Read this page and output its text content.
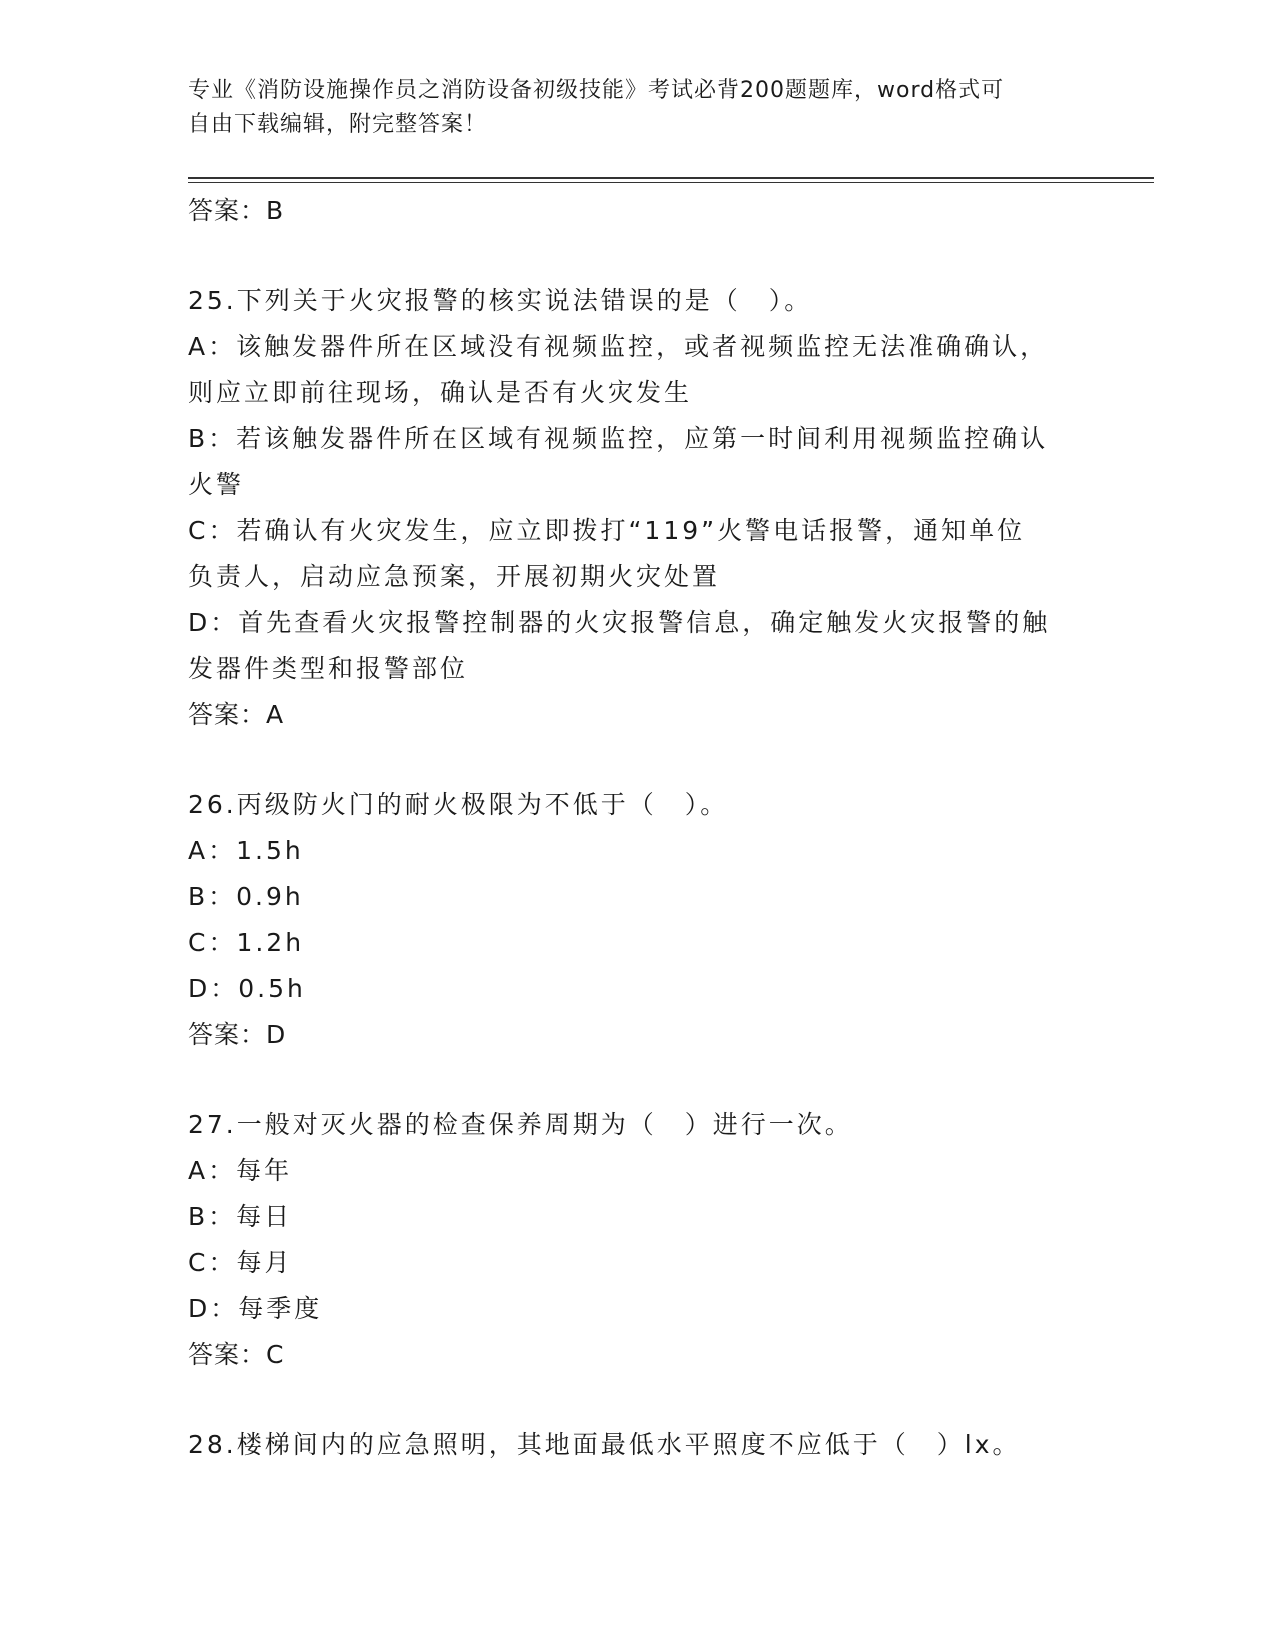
专业《消防设施操作员之消防设备初级技能》考试必背200题题库，word格式可
自由下载编辑，附完整答案！
答案：B
25.下列关于火灾报警的核实说法错误的是（　）。
A：该触发器件所在区域没有视频监控，或者视频监控无法准确确认，
则应立即前往现场，确认是否有火灾发生
B：若该触发器件所在区域有视频监控，应第一时间利用视频监控确认
火警
C：若确认有火灾发生，应立即拨打“119”火警电话报警，通知单位
负责人，启动应急预案，开展初期火灾处置
D：首先查看火灾报警控制器的火灾报警信息，确定触发火灾报警的触
发器件类型和报警部位
答案：A
26.丙级防火门的耐火极限为不低于（　）。
A：1.5h
B：0.9h
C：1.2h
D：0.5h
答案：D
27.一般对灭火器的检查保养周期为（　）进行一次。
A：每年
B：每日
C：每月
D：每季度
答案：C
28.楼梯间内的应急照明，其地面最低水平照度不应低于（　）lx。
